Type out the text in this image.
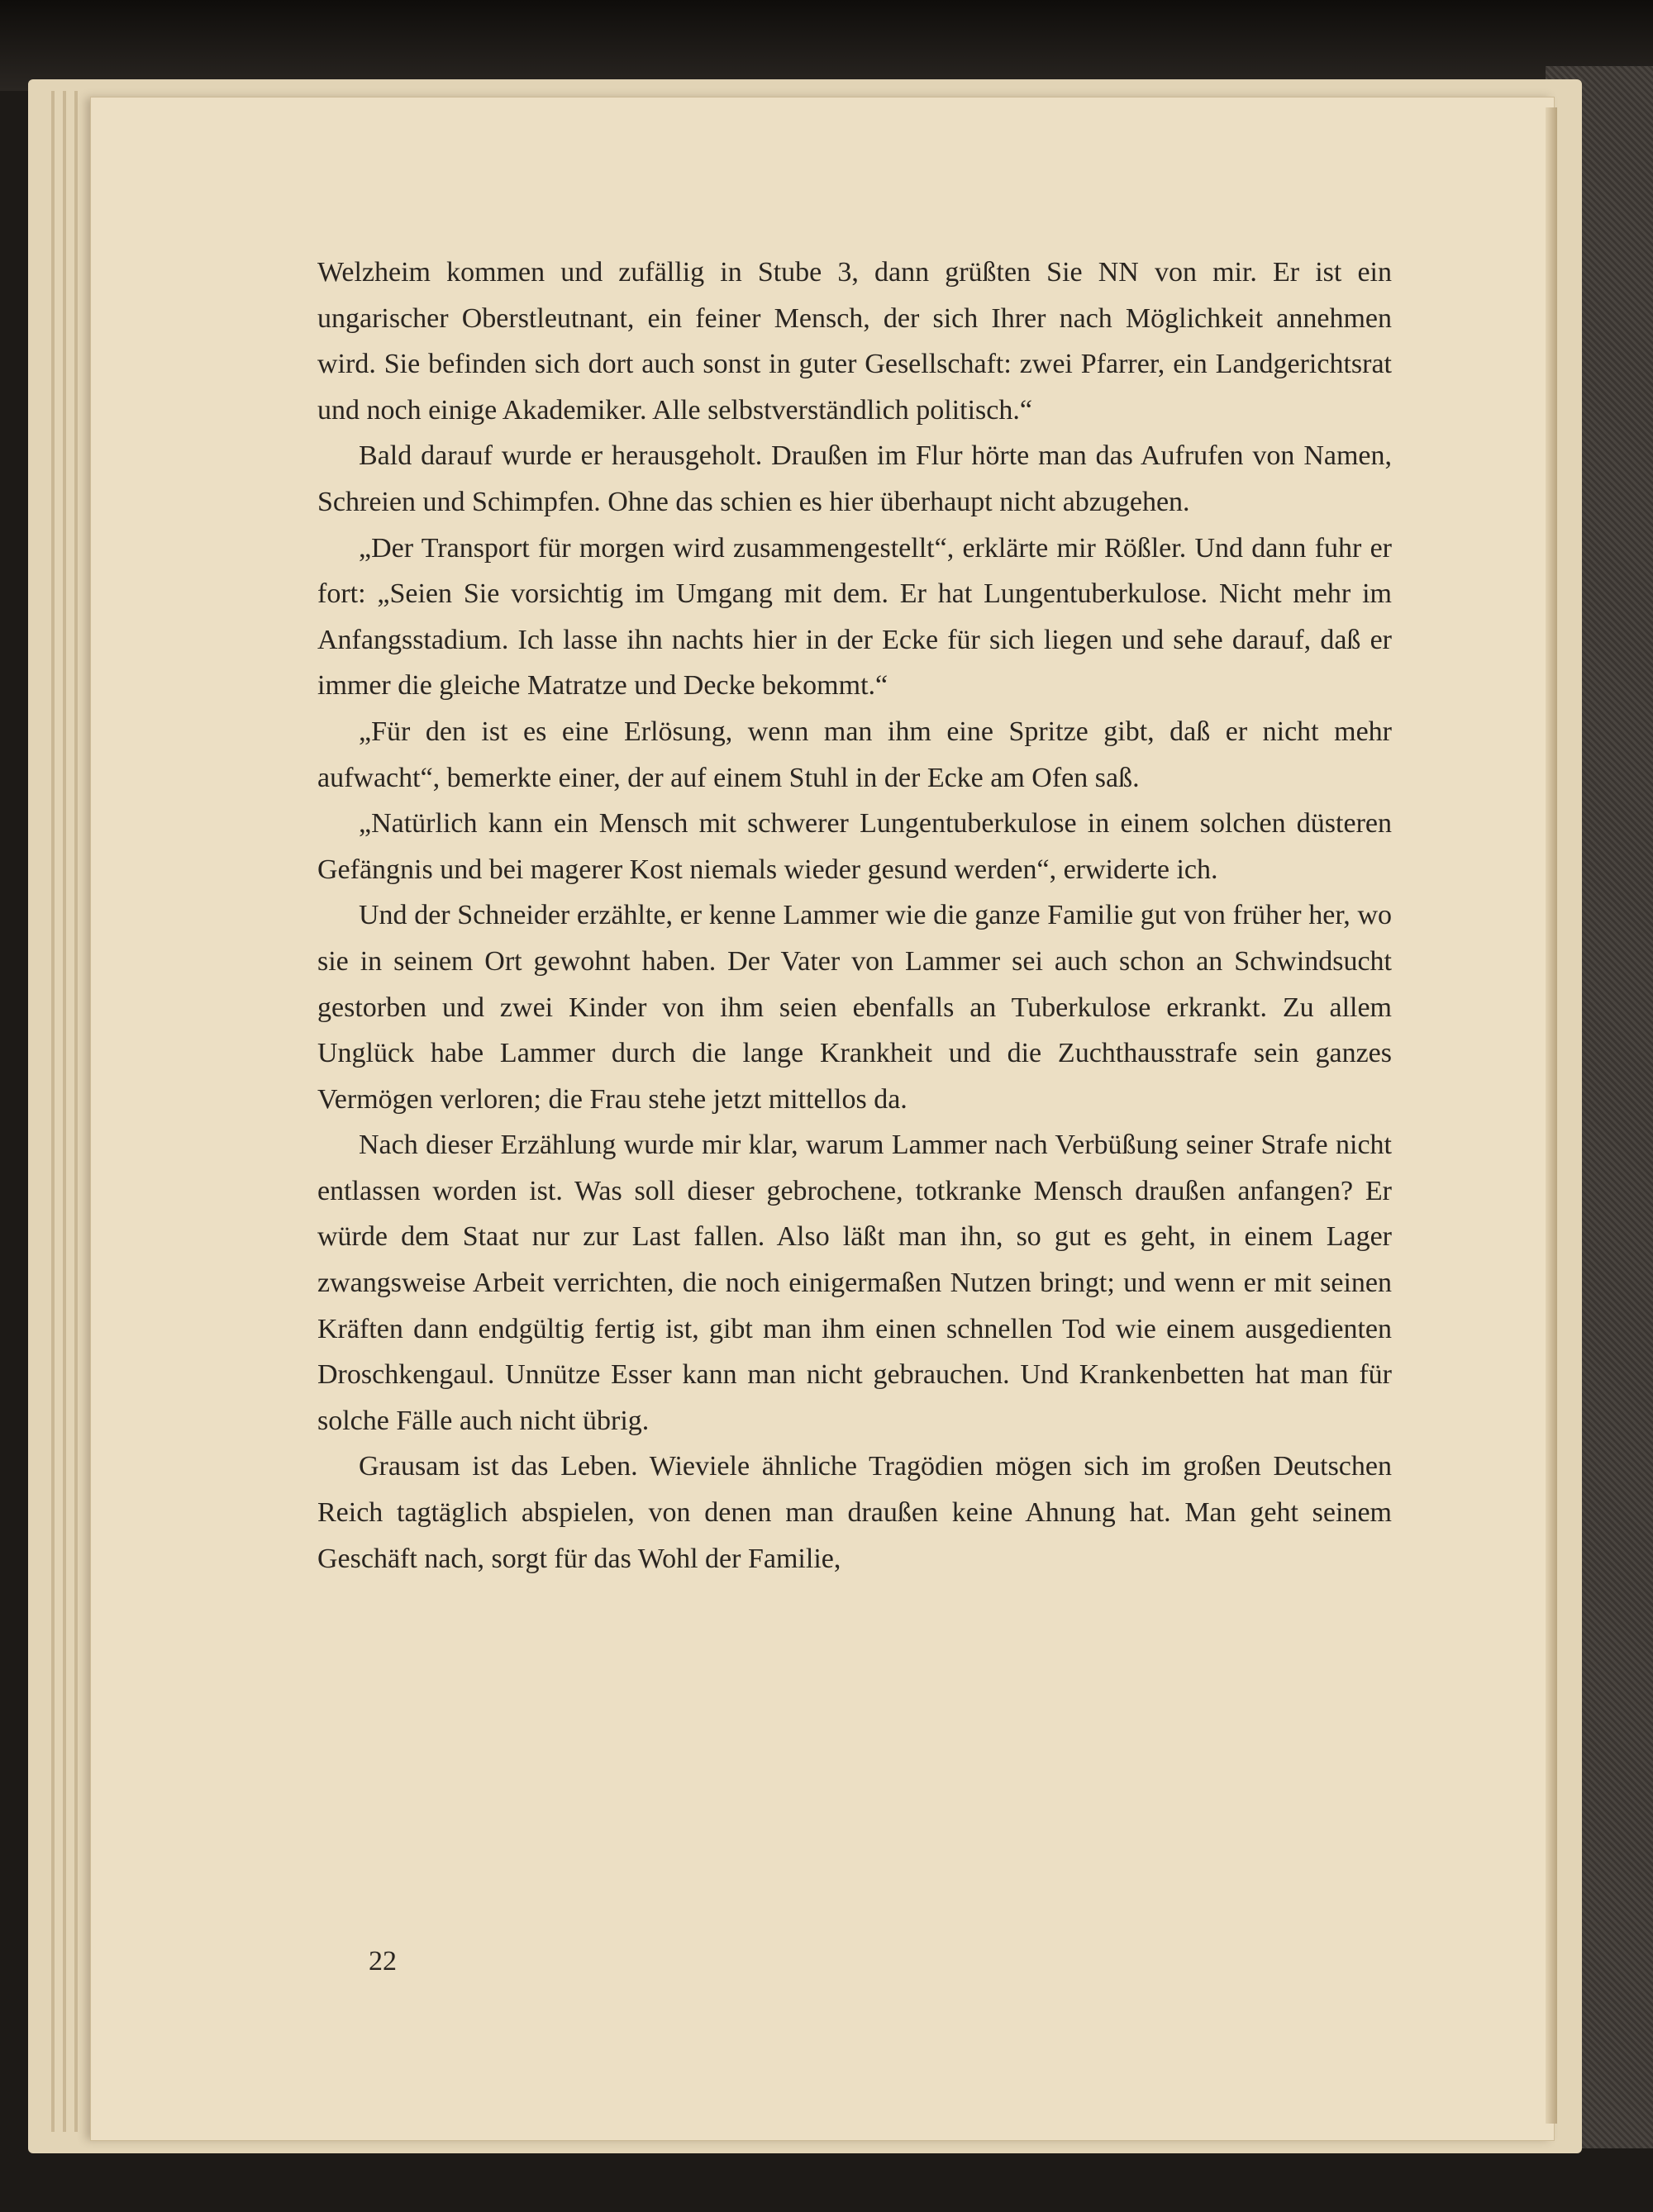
Welzheim kommen und zufällig in Stube 3, dann grüßten Sie NN von mir. Er ist ein ungarischer Oberstleutnant, ein feiner Mensch, der sich Ihrer nach Möglichkeit annehmen wird. Sie befinden sich dort auch sonst in guter Gesellschaft: zwei Pfarrer, ein Landgerichtsrat und noch einige Akademiker. Alle selbstverständlich politisch.“

Bald darauf wurde er herausgeholt. Draußen im Flur hörte man das Aufrufen von Namen, Schreien und Schimpfen. Ohne das schien es hier überhaupt nicht abzugehen.

„Der Transport für morgen wird zusammengestellt“, erklärte mir Rößler. Und dann fuhr er fort: „Seien Sie vorsichtig im Umgang mit dem. Er hat Lungentuberkulose. Nicht mehr im Anfangsstadium. Ich lasse ihn nachts hier in der Ecke für sich liegen und sehe darauf, daß er immer die gleiche Matratze und Decke bekommt.“

„Für den ist es eine Erlösung, wenn man ihm eine Spritze gibt, daß er nicht mehr aufwacht“, bemerkte einer, der auf einem Stuhl in der Ecke am Ofen saß.

„Natürlich kann ein Mensch mit schwerer Lungentuberkulose in einem solchen düsteren Gefängnis und bei magerer Kost niemals wieder gesund werden“, erwiderte ich.

Und der Schneider erzählte, er kenne Lammer wie die ganze Familie gut von früher her, wo sie in seinem Ort gewohnt haben. Der Vater von Lammer sei auch schon an Schwindsucht gestorben und zwei Kinder von ihm seien ebenfalls an Tuberkulose erkrankt. Zu allem Unglück habe Lammer durch die lange Krankheit und die Zuchthausstrafe sein ganzes Vermögen verloren; die Frau stehe jetzt mittellos da.

Nach dieser Erzählung wurde mir klar, warum Lammer nach Verbüßung seiner Strafe nicht entlassen worden ist. Was soll dieser gebrochene, totkranke Mensch draußen anfangen? Er würde dem Staat nur zur Last fallen. Also läßt man ihn, so gut es geht, in einem Lager zwangsweise Arbeit verrichten, die noch einigermaßen Nutzen bringt; und wenn er mit seinen Kräften dann endgültig fertig ist, gibt man ihm einen schnellen Tod wie einem ausgedienten Droschkengaul. Unnütze Esser kann man nicht gebrauchen. Und Krankenbetten hat man für solche Fälle auch nicht übrig.

Grausam ist das Leben. Wieviele ähnliche Tragödien mögen sich im großen Deutschen Reich tagtäglich abspielen, von denen man draußen keine Ahnung hat. Man geht seinem Geschäft nach, sorgt für das Wohl der Familie,

22
